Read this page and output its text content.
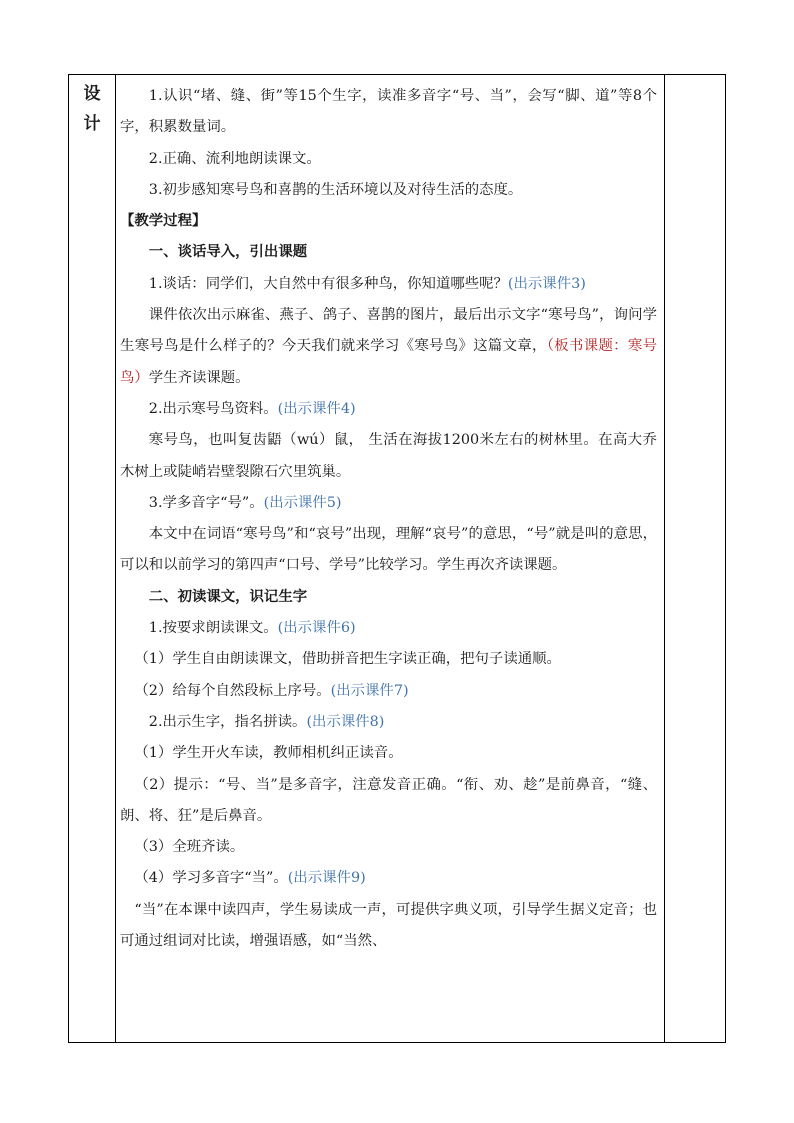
设
计

1.认识“堵、缝、街”等15个生字，读准多音字“号、当”，会写“脚、道”等8个字，积累数量词。

2.正确、流利地朗读课文。

3.初步感知寒号鸟和喜鹊的生活环境以及对待生活的态度。

【教学过程】

一、谈话导入，引出课题

1.谈话：同学们，大自然中有很多种鸟，你知道哪些呢？(出示课件3)

课件依次出示麻雀、燕子、鸽子、喜鹊的图片，最后出示文字“寒号鸟”，询问学生寒号鸟是什么样子的？今天我们就来学习《寒号鸟》这篇文章，（板书课题：寒号鸟）学生齐读课题。

2.出示寒号鸟资料。(出示课件4)

寒号鸟，也叫复齿鼯（wú）鼠， 生活在海拔1200米左右的树林里。在高大乔木树上或陡峭岩壁裂隙石穴里筑巢。

3.学多音字“号”。(出示课件5)

本文中在词语“寒号鸟”和“哀号”出现，理解“哀号”的意思，“号”就是叫的意思，可以和以前学习的第四声“口号、学号”比较学习。学生再次齐读课题。

二、初读课文，识记生字

1.按要求朗读课文。(出示课件6)

（1）学生自由朗读课文，借助拼音把生字读正确，把句子读通顺。

（2）给每个自然段标上序号。(出示课件7)

2.出示生字，指名拼读。(出示课件8)

（1）学生开火车读，教师相机纠正读音。

（2）提示：“号、当”是多音字，注意发音正确。“衔、劝、趁”是前鼻音，“缝、朗、将、狂”是后鼻音。

（3）全班齐读。

（4）学习多音字“当”。(出示课件9)

“当”在本课中读四声，学生易读成一声，可提供字典义项，引导学生据义定音；也可通过组词对比读，增强语感，如“当然、
